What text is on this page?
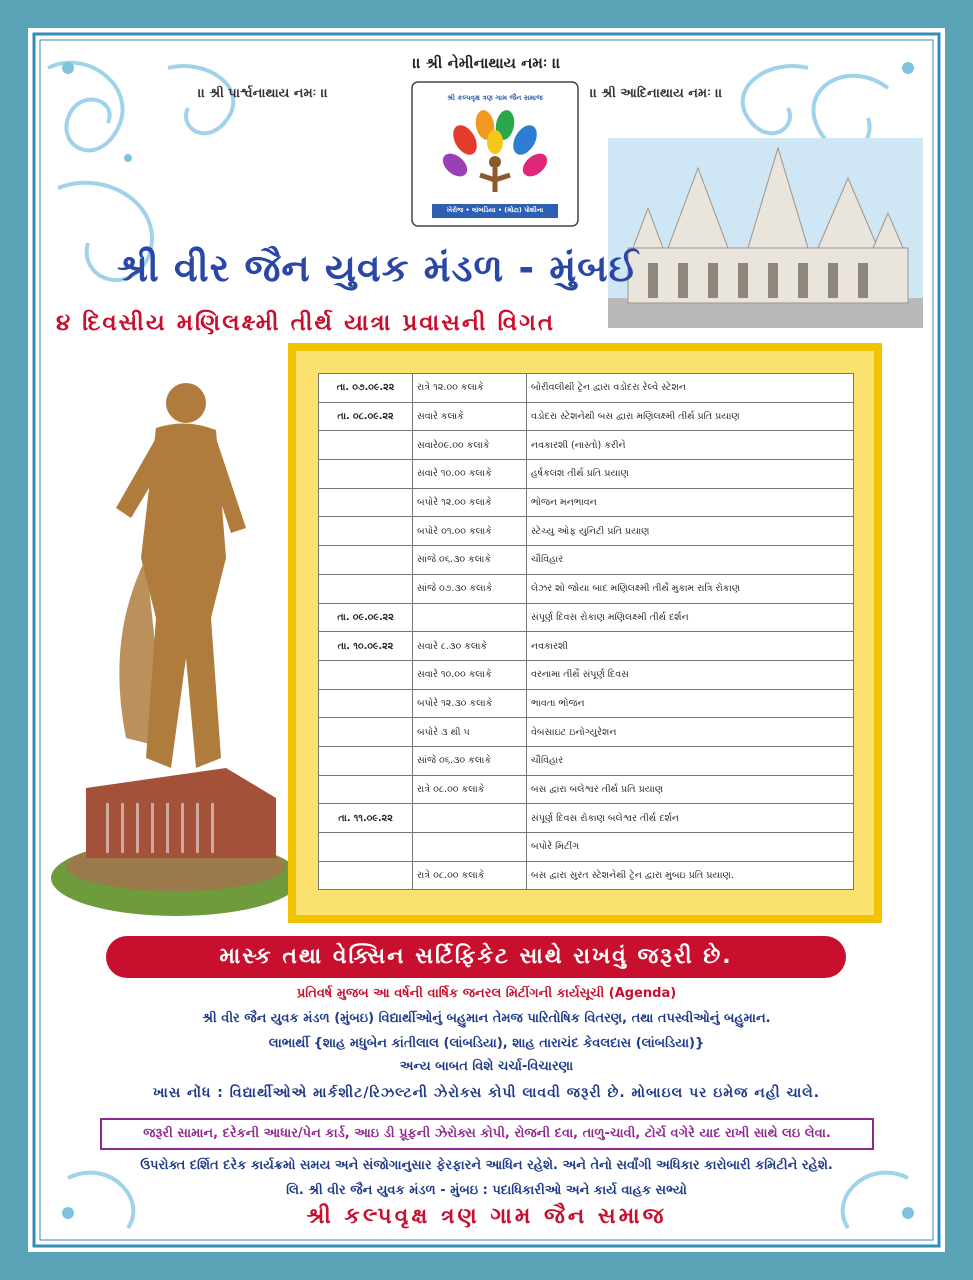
।। શ્રી નેમીનાથાય નમઃ ।।
।। શ્રી પાર્શ્વનાથાય નમઃ ।।	।। શ્રી આદિનાથાય નમઃ ।।
શ્રી કલ્પવૃક્ષ ત્રણ ગામ જૈન સમાજ
ખેરોજ • લાંબડિયા • (મોટા) પોશીના
શ્રી વીર જૈન યુવક મંડળ - મુંબઈ
૪ દિવસીય મણિલક્ષ્મી તીર્થ યાત્રા પ્રવાસની વિગત
તા. ૦૭.૦૯.૨૨	રાત્રે ૧૨.૦૦ કલાકે	બોરીવલીથી ટ્રેન દ્વારા વડોદરા રેલ્વે સ્ટેશન
તા. ૦૮.૦૯.૨૨	સવારે કલાકે	વડોદરા સ્ટેશનેથી બસ દ્વારા મણિલક્ષ્મી તીર્થ પ્રતિ પ્રયાણ
	સવારે૦૯.૦૦ કલાકે	નવકારશી (નાસ્તો) કરીને
	સવારે ૧૦.૦૦ કલાકે	હર્ષકલશ તીર્થ પ્રતિ પ્રયાણ
	બપોરે ૧૨.૦૦ કલાકે	ભોજન મનભાવન
	બપોરે ૦૧.૦૦ કલાકે	સ્ટેચ્યુ ઓફ યુનિટી પ્રતિ પ્રયાણ
	સાંજે ૦૬.૩૦ કલાકે	ચૌવિહાર
	સાંજે ૦૭.૩૦ કલાકે	લેઝર શો જોયા બાદ મણિલક્ષ્મી તીર્થે મુકામ રાત્રિ રોકાણ
તા. ૦૯.૦૯.૨૨		સંપૂર્ણ દિવસ રોકાણ મણિલક્ષ્મી તીર્થ દર્શન
તા. ૧૦.૦૯.૨૨	સવારે ૮.૩૦ કલાકે	નવકારશી
	સવારે ૧૦.૦૦ કલાકે	વરનામા તીર્થે સંપૂર્ણ દિવસ
	બપોરે ૧૨.૩૦ કલાકે	ભાવતા ભોજન
	બપોરે ૩ થી ૫	વેબસાઇટ ઇનોગ્યુરેશન
	સાંજે ૦૬.૩૦ કલાકે	ચૌવિહાર
	રાત્રે ૦૮.૦૦ કલાકે	બસ દ્વારા બલેશ્વર તીર્થ પ્રતિ પ્રયાણ
તા. ૧૧.૦૯.૨૨		સંપૂર્ણ દિવસ રોકાણ બલેશ્વર તીર્થ દર્શન
		બપોરે મિટીંગ
	રાત્રે ૦૮.૦૦ કલાકે	બસ દ્વારા સુરત સ્ટેશનેથી ટ્રેન દ્વારા મુંબઇ પ્રતિ પ્રયાણ.
માસ્ક તથા વેક્સિન સર્ટિફિકેટ સાથે રાખવું જરૂરી છે.
પ્રતિવર્ષ મુજબ આ વર્ષની વાર્ષિક જનરલ મિટીંગની કાર્યસૂચી (Agenda)
શ્રી વીર જૈન યુવક મંડળ (મુંબઇ) વિદ્યાર્થીઓનું બહુમાન તેમજ પારિતોષિક વિતરણ, તથા તપસ્વીઓનું બહુમાન.
લાભાર્થી {શાહ મધુબેન કાંતીલાલ (લાંબડિયા), શાહ તારાચંદ કેવલદાસ (લાંબડિયા)}
અન્ય બાબત વિશે ચર્ચા-વિચારણા
ખાસ નોંધ : વિદ્યાર્થીઓએ માર્કશીટ/રિઝલ્ટની ઝેરોક્સ કોપી લાવવી જરૂરી છે. મોબાઇલ પર ઇમેજ નહી ચાલે.
જરૂરી સામાન, દરેકની આધાર/પેન કાર્ડ, આઇ ડી પ્રૂફની ઝેરોક્સ કોપી, રોજની દવા, તાળુ-ચાવી, ટોર્ચ વગેરે યાદ રાખી સાથે લઇ લેવા.
ઉપરોક્ત દર્શિત દરેક કાર્યક્રમો સમય અને સંજોગાનુસાર ફેરફારને આધિન રહેશે. અને તેનો સર્વાંગી અધિકાર કારોબારી કમિટીને રહેશે.
લિ. શ્રી વીર જૈન યુવક મંડળ - મુંબઇ : પદાધિકારીઓ અને કાર્ય વાહક સભ્યો
શ્રી કલ્પવૃક્ષ ત્રણ ગામ જૈન સમાજ
